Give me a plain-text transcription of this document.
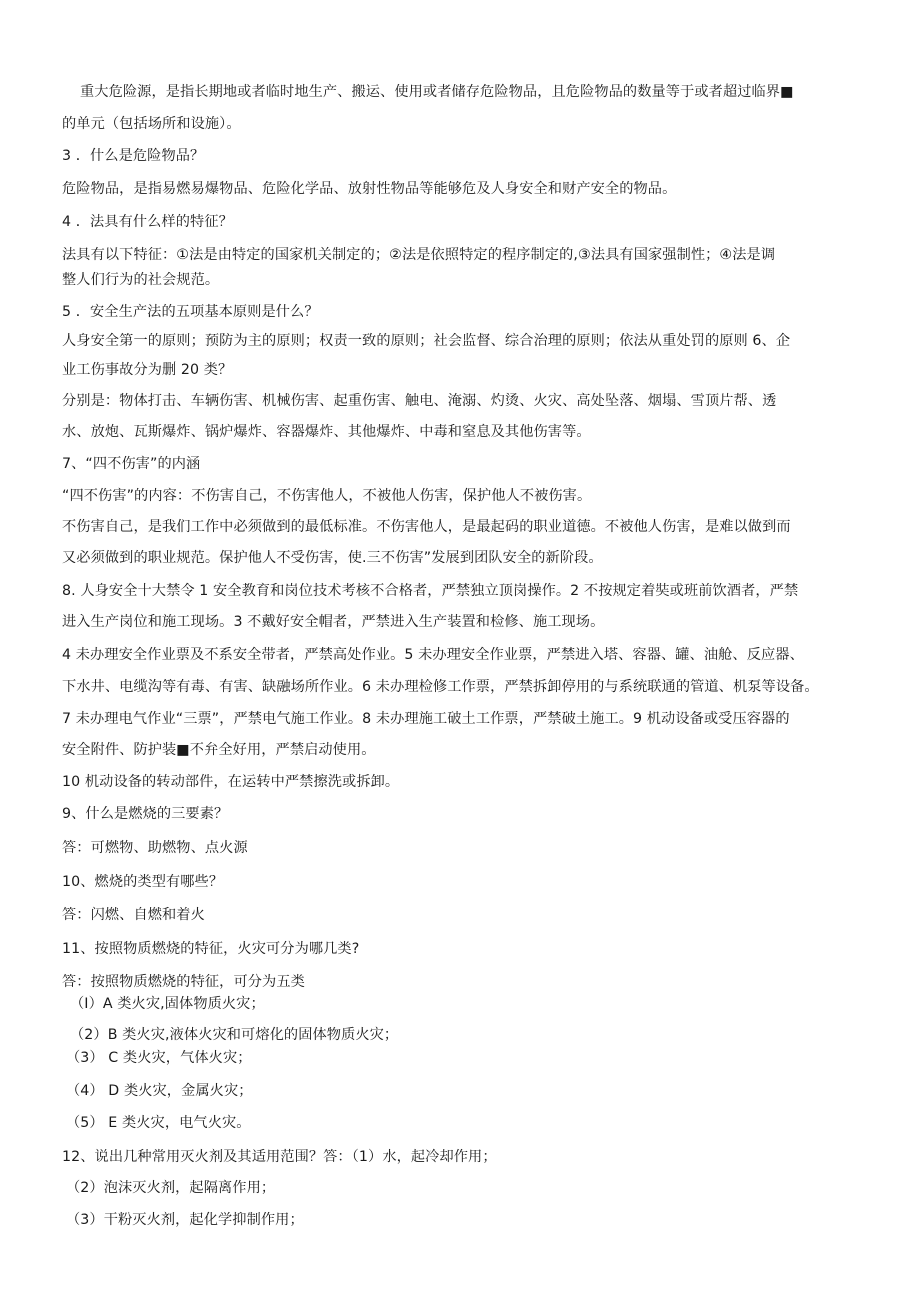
重大危险源，是指长期地或者临时地生产、搬运、使用或者储存危险物品，且危险物品的数量等于或者超过临界■
的单元（包括场所和设施）。
3 ．什么是危险物品？
危险物品，是指易燃易爆物品、危险化学品、放射性物品等能够危及人身安全和财产安全的物品。
4 ．法具有什么样的特征？
法具有以下特征：①法是由特定的国家机关制定的；②法是依照特定的程序制定的,③法具有国家强制性；④法是调
整人们行为的社会规范。
5 ．安全生产法的五项基本原则是什么？
人身安全第一的原则；预防为主的原则；权责一致的原则；社会监督、综合治理的原则；依法从重处罚的原则 6、企
业工伤事故分为删 20 类？
分别是：物体打击、车辆伤害、机械伤害、起重伤害、触电、淹溺、灼烫、火灾、高处坠落、烟塌、雪顶片帮、透
水、放炮、瓦斯爆炸、锅炉爆炸、容器爆炸、其他爆炸、中毒和窒息及其他伤害等。
7、“四不伤害”的内涵
“四不伤害”的内容：不伤害自己，不伤害他人，不被他人伤害，保护他人不被伤害。
不伤害自己，是我们工作中必须做到的最低标准。不伤害他人，是最起码的职业道德。不被他人伤害，是难以做到而
又必须做到的职业规范。保护他人不受伤害，使.三不伤害”发展到团队安全的新阶段。
8. 人身安全十大禁令 1 安全教育和岗位技术考核不合格者，严禁独立顶岗操作。2 不按规定着奘或班前饮酒者，严禁
进入生产岗位和施工现场。3 不戴好安全帽者，严禁进入生产装置和检修、施工现场。
4 未办理安全作业票及不系安全带者，严禁高处作业。5 未办理安全作业票，严禁进入塔、容器、罐、油舱、反应器、
下水井、电缆沟等有毒、有害、缺融场所作业。6 未办理检修工作票，严禁拆卸停用的与系统联通的管道、机泵等设备。
7 未办理电气作业“三票”，严禁电气施工作业。8 未办理施工破土工作票，严禁破土施工。9 机动设备或受压容器的
安全附件、防护装■不弁全好用，严禁启动使用。
10 机动设备的转动部件，在运转中严禁擦洗或拆卸。
9、什么是燃烧的三要素？
答：可燃物、助燃物、点火源
10、燃烧的类型有哪些？
答：闪燃、自燃和着火
11、按照物质燃烧的特征，火灾可分为哪几类?
答：按照物质燃烧的特征，可分为五类
（I）A 类火灾,固体物质火灾；
（2）B 类火灾,液体火灾和可熔化的固体物质火灾；
（3） C 类火灾，气体火灾；
（4） D 类火灾，金属火灾；
（5） E 类火灾，电气火灾。
12、说出几种常用灭火剂及其适用范围？答：（1）水，起冷却作用；
（2）泡沫灭火剂，起隔离作用；
（3）干粉灭火剂，起化学抑制作用；
